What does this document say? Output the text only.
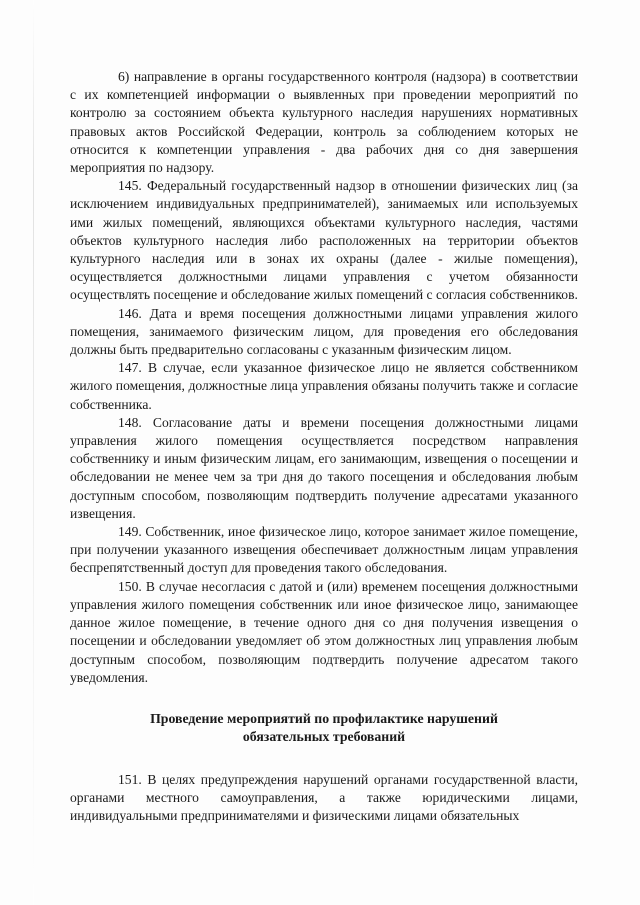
6) направление в органы государственного контроля (надзора) в соответствии с их компетенцией информации о выявленных при проведении мероприятий по контролю за состоянием объекта культурного наследия нарушениях нормативных правовых актов Российской Федерации, контроль за соблюдением которых не относится к компетенции управления - два рабочих дня со дня завершения мероприятия по надзору.

145. Федеральный государственный надзор в отношении физических лиц (за исключением индивидуальных предпринимателей), занимаемых или используемых ими жилых помещений, являющихся объектами культурного наследия, частями объектов культурного наследия либо расположенных на территории объектов культурного наследия или в зонах их охраны (далее - жилые помещения), осуществляется должностными лицами управления с учетом обязанности осуществлять посещение и обследование жилых помещений с согласия собственников.

146. Дата и время посещения должностными лицами управления жилого помещения, занимаемого физическим лицом, для проведения его обследования должны быть предварительно согласованы с указанным физическим лицом.

147. В случае, если указанное физическое лицо не является собственником жилого помещения, должностные лица управления обязаны получить также и согласие собственника.

148. Согласование даты и времени посещения должностными лицами управления жилого помещения осуществляется посредством направления собственнику и иным физическим лицам, его занимающим, извещения о посещении и обследовании не менее чем за три дня до такого посещения и обследования любым доступным способом, позволяющим подтвердить получение адресатами указанного извещения.

149. Собственник, иное физическое лицо, которое занимает жилое помещение, при получении указанного извещения обеспечивает должностным лицам управления беспрепятственный доступ для проведения такого обследования.

150. В случае несогласия с датой и (или) временем посещения должностными управления жилого помещения собственник или иное физическое лицо, занимающее данное жилое помещение, в течение одного дня со дня получения извещения о посещении и обследовании уведомляет об этом должностных лиц управления любым доступным способом, позволяющим подтвердить получение адресатом такого уведомления.

Проведение мероприятий по профилактике нарушений
обязательных требований

151. В целях предупреждения нарушений органами государственной власти, органами местного самоуправления, а также юридическими лицами, индивидуальными предпринимателями и физическими лицами обязательных
